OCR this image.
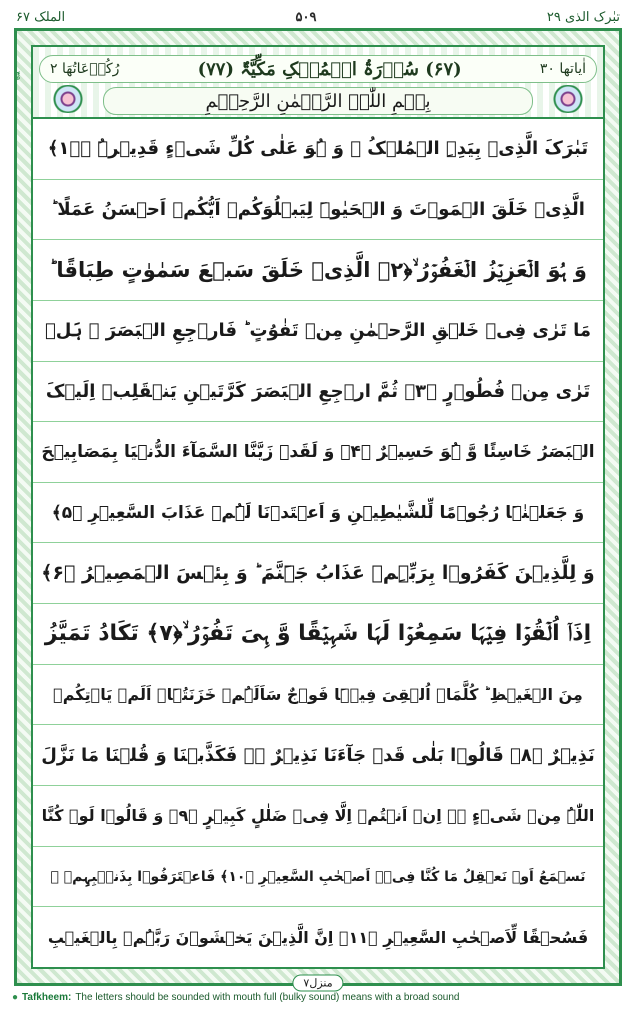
تبٰرک الذی ۲۹
۵۰۹
الملک ۶۷
۳۹	اٰیاتھا ۳۰
(۶۷) سُوۡرَۃُ الۡمُلۡکِ مَکِّیَّۃٌ (۷۷)
رُکُوۡعَاتُھَا ۲
بِسۡمِ اللّٰہِ الرَّحۡمٰنِ الرَّحِیۡمِ
تَبٰرَکَ الَّذِیۡ بِیَدِہِ الۡمُلۡکُ ۫ وَ ہُوَ عَلٰی کُلِّ شَیۡءٍ قَدِیۡرُۨ ۙ﴿۱﴾
الَّذِیۡ خَلَقَ الۡمَوۡتَ وَ الۡحَیٰوۃَ لِیَبۡلُوَکُمۡ اَیُّکُمۡ اَحۡسَنُ عَمَلًا ؕ
وَ ہُوَ الۡعَزِیۡزُ الۡغَفُوۡرُ ۙ﴿۲﴾ الَّذِیۡ خَلَقَ سَبۡعَ سَمٰوٰتٍ طِبَاقًا ؕ
مَا تَرٰی فِیۡ خَلۡقِ الرَّحۡمٰنِ مِنۡ تَفٰوُتٍ ؕ فَارۡجِعِ الۡبَصَرَ ۙ ہَلۡ
تَرٰی مِنۡ فُطُوۡرٍ ﴿۳﴾ ثُمَّ ارۡجِعِ الۡبَصَرَ کَرَّتَیۡنِ یَنۡقَلِبۡ اِلَیۡکَ
الۡبَصَرُ خَاسِئًا وَّ ہُوَ حَسِیۡرٌ ﴿۴﴾ وَ لَقَدۡ زَیَّنَّا السَّمَآءَ الدُّنۡیَا بِمَصَابِیۡحَ
وَ جَعَلۡنٰہَا رُجُوۡمًا لِّلشَّیٰطِیۡنِ وَ اَعۡتَدۡنَا لَہُمۡ عَذَابَ السَّعِیۡرِ ﴿۵﴾
وَ لِلَّذِیۡنَ کَفَرُوۡا بِرَبِّہِمۡ عَذَابُ جَہَنَّمَ ؕ وَ بِئۡسَ الۡمَصِیۡرُ ﴿۶﴾
اِذَاۤ اُلۡقُوۡا فِیۡہَا سَمِعُوۡا لَہَا شَہِیۡقًا وَّ ہِیَ تَفُوۡرُ ۙ﴿۷﴾ تَکَادُ تَمَیَّزُ
مِنَ الۡغَیۡظِ ؕ کُلَّمَاۤ اُلۡقِیَ فِیۡہَا فَوۡجٌ سَاَلَہُمۡ خَزَنَتُہَاۤ اَلَمۡ یَاۡتِکُمۡ
نَذِیۡرٌ ﴿۸﴾ قَالُوۡا بَلٰی قَدۡ جَآءَنَا نَذِیۡرٌ ۬ۙ فَکَذَّبۡنَا وَ قُلۡنَا مَا نَزَّلَ
اللّٰہُ مِنۡ شَیۡءٍ ۚۖ اِنۡ اَنۡتُمۡ اِلَّا فِیۡ ضَلٰلٍ کَبِیۡرٍ ﴿۹﴾ وَ قَالُوۡا لَوۡ کُنَّا
نَسۡمَعُ اَوۡ نَعۡقِلُ مَا کُنَّا فِیۡۤ اَصۡحٰبِ السَّعِیۡرِ ﴿۱۰﴾ فَاعۡتَرَفُوۡا بِذَنۡۢبِہِمۡ ۚ
فَسُحۡقًا لِّاَصۡحٰبِ السَّعِیۡرِ ﴿۱۱﴾ اِنَّ الَّذِیۡنَ یَخۡشَوۡنَ رَبَّہُمۡ بِالۡغَیۡبِ
منزل۷
● Tafkheem: The letters should be sounded with mouth full (bulky sound) means with a broad sound
